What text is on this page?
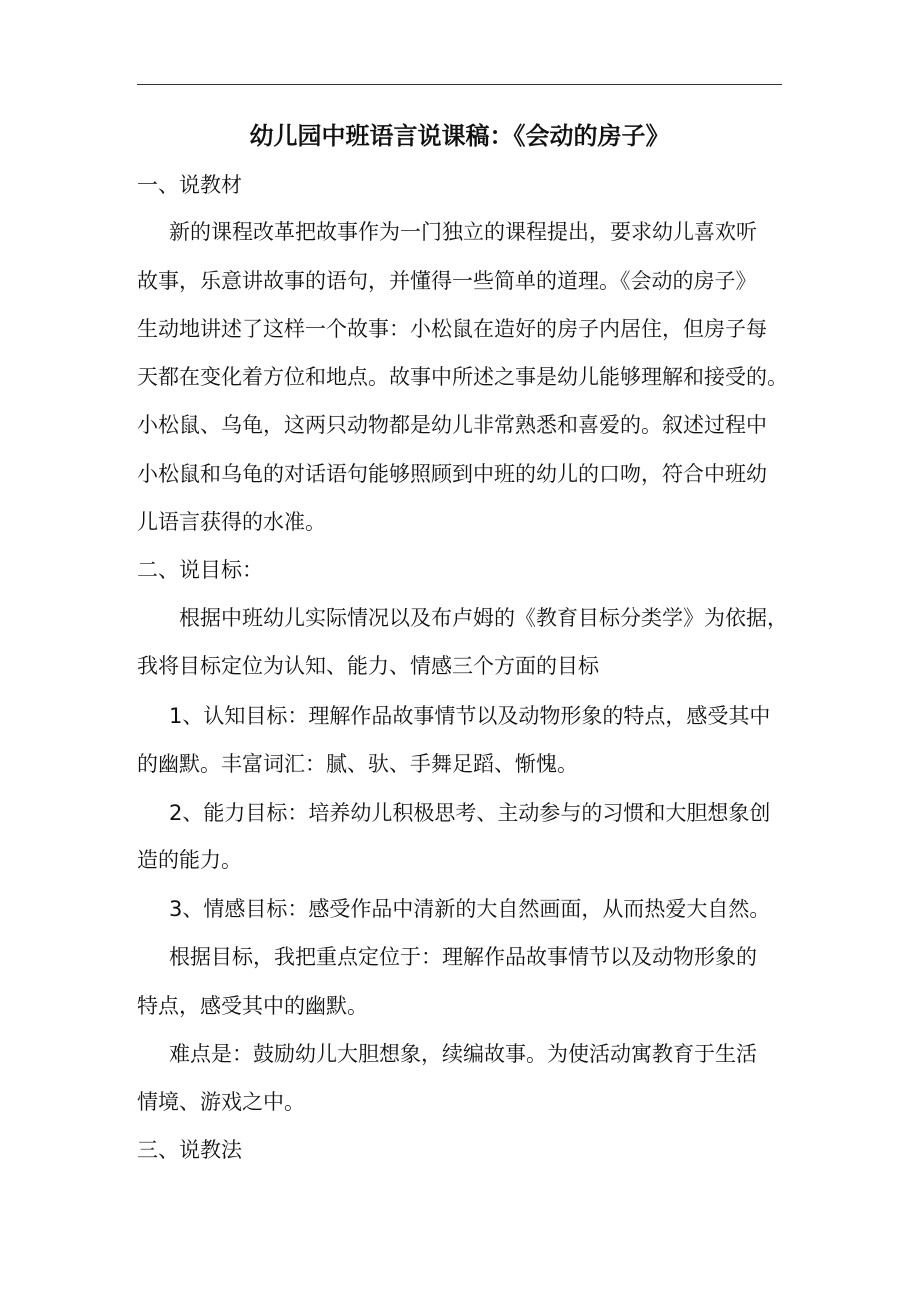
幼儿园中班语言说课稿：《会动的房子》
一、说教材
新的课程改革把故事作为一门独立的课程提出，要求幼儿喜欢听
故事，乐意讲故事的语句，并懂得一些简单的道理。《会动的房子》
生动地讲述了这样一个故事：小松鼠在造好的房子内居住，但房子每
天都在变化着方位和地点。故事中所述之事是幼儿能够理解和接受的。
小松鼠、乌龟，这两只动物都是幼儿非常熟悉和喜爱的。叙述过程中
小松鼠和乌龟的对话语句能够照顾到中班的幼儿的口吻，符合中班幼
儿语言获得的水准。
二、说目标：
根据中班幼儿实际情况以及布卢姆的《教育目标分类学》为依据，
我将目标定位为认知、能力、情感三个方面的目标
1、认知目标：理解作品故事情节以及动物形象的特点，感受其中
的幽默。丰富词汇：腻、驮、手舞足蹈、惭愧。
2、能力目标：培养幼儿积极思考、主动参与的习惯和大胆想象创
造的能力。
3、情感目标：感受作品中清新的大自然画面，从而热爱大自然。
根据目标，我把重点定位于：理解作品故事情节以及动物形象的
特点，感受其中的幽默。
难点是：鼓励幼儿大胆想象，续编故事。为使活动寓教育于生活
情境、游戏之中。
三、说教法
